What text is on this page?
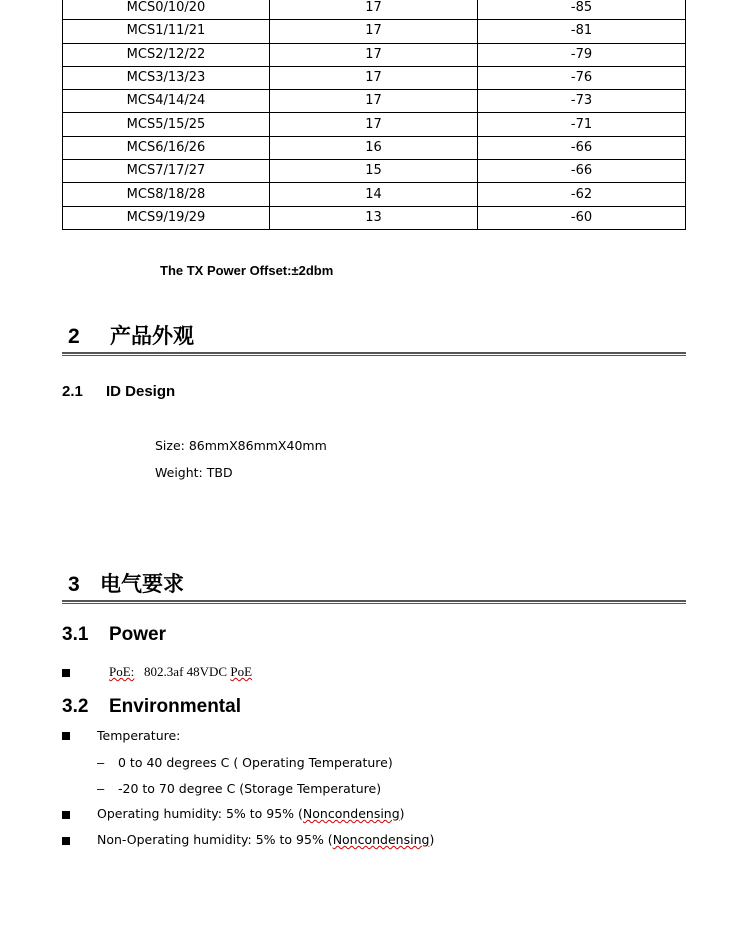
MCS0/10/20	17	-85
MCS1/11/21	17	-81
MCS2/12/22	17	-79
MCS3/13/23	17	-76
MCS4/14/24	17	-73
MCS5/15/25	17	-71
MCS6/16/26	16	-66
MCS7/17/27	15	-66
MCS8/18/28	14	-62
MCS9/19/29	13	-60
The TX Power Offset:±2dbm
2 产品外观
2.1 ID Design
Size: 86mmX86mmX40mm
Weight: TBD
3 电气要求
3.1 Power
PoE: 802.3af 48VDC PoE
3.2 Environmental
Temperature:
– 0 to 40 degrees C ( Operating Temperature)
– -20 to 70 degree C (Storage Temperature)
Operating humidity: 5% to 95% (Noncondensing)
Non-Operating humidity: 5% to 95% (Noncondensing)
